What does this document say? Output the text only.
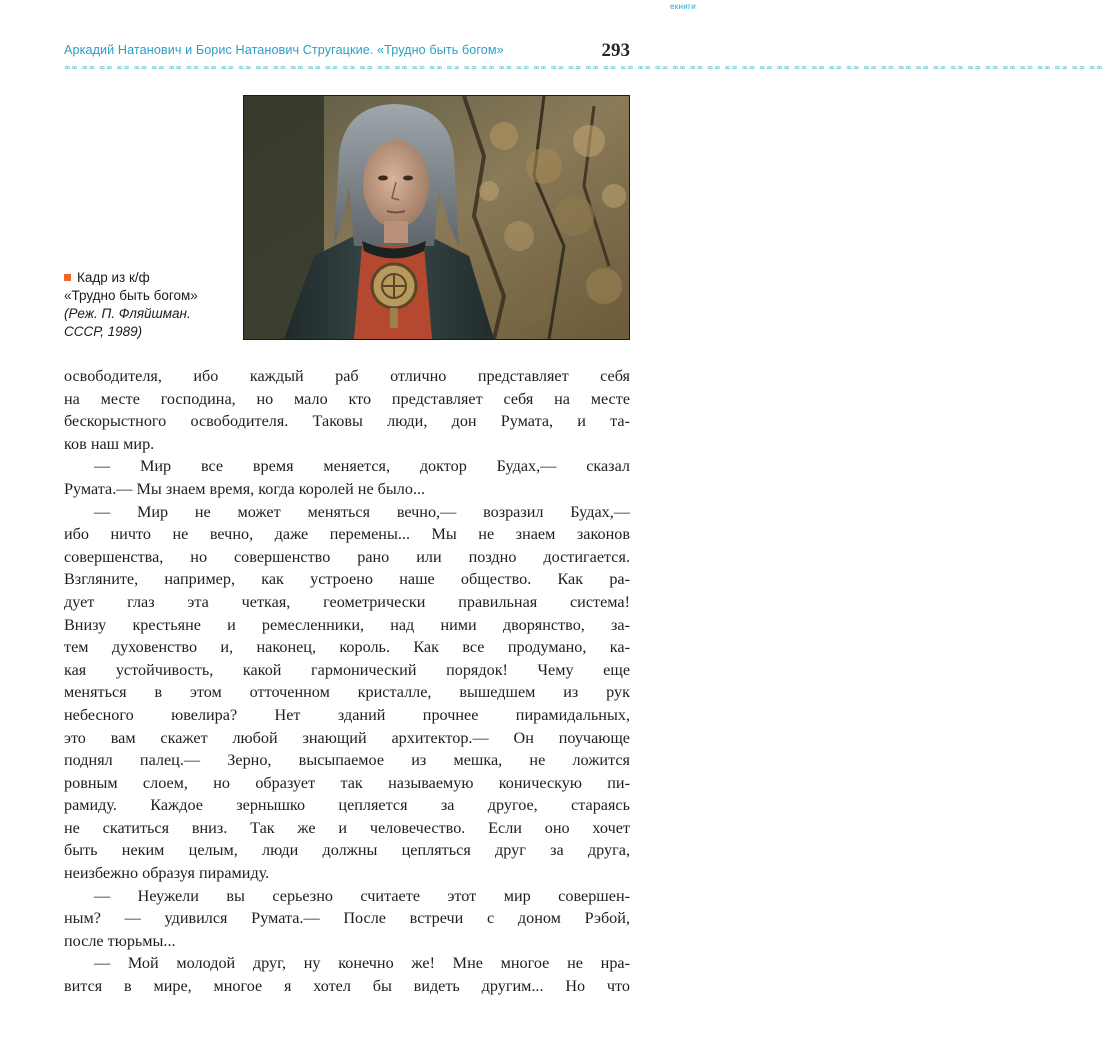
eкниги
Аркадий Натанович и Борис Натанович Стругацкие. «Трудно быть богом»	293
∞∞ ∞∞ ∞∞ ∞∞ ∞∞ ∞∞ ∞∞ ∞∞ ∞∞ ∞∞ ∞∞ ∞∞ ∞∞ ∞∞ ∞∞ ∞∞ ∞∞ ∞∞ ∞∞ ∞∞ ∞∞ ∞∞ ∞∞ ∞∞ ∞∞ ∞∞ ∞∞ ∞∞ ∞∞ ∞∞ ∞∞ ∞∞ ∞∞ ∞∞ ∞∞ ∞∞ ∞∞ ∞∞ ∞∞ ∞∞ ∞∞ ∞∞ ∞∞ ∞∞ ∞∞ ∞∞ ∞∞ ∞∞ ∞∞ ∞∞ ∞∞ ∞∞ ∞∞ ∞∞ ∞∞ ∞∞ ∞∞ ∞∞ ∞∞ ∞∞
Кадр из к/ф
«Трудно быть богом»
(Реж. П. Фляйшман.
СССР, 1989)
освободителя, ибо каждый раб отлично представляет себя
на месте господина, но мало кто представляет себя на месте
бескорыстного освободителя. Таковы люди, дон Румата, и та-
ков наш мир.
— Мир все время меняется, доктор Будах,— сказал
Румата.— Мы знаем время, когда королей не было...
— Мир не может меняться вечно,— возразил Будах,—
ибо ничто не вечно, даже перемены... Мы не знаем законов
совершенства, но совершенство рано или поздно достигается.
Взгляните, например, как устроено наше общество. Как ра-
дует глаз эта четкая, геометрически правильная система!
Внизу крестьяне и ремесленники, над ними дворянство, за-
тем духовенство и, наконец, король. Как все продумано, ка-
кая устойчивость, какой гармонический порядок! Чему еще
меняться в этом отточенном кристалле, вышедшем из рук
небесного ювелира? Нет зданий прочнее пирамидальных,
это вам скажет любой знающий архитектор.— Он поучающе
поднял палец.— Зерно, высыпаемое из мешка, не ложится
ровным слоем, но образует так называемую коническую пи-
рамиду. Каждое зернышко цепляется за другое, стараясь
не скатиться вниз. Так же и человечество. Если оно хочет
быть неким целым, люди должны цепляться друг за друга,
неизбежно образуя пирамиду.
— Неужели вы серьезно считаете этот мир совершен-
ным? — удивился Румата.— После встречи с доном Рэбой,
после тюрьмы...
— Мой молодой друг, ну конечно же! Мне многое не нра-
вится в мире, многое я хотел бы видеть другим... Но что
